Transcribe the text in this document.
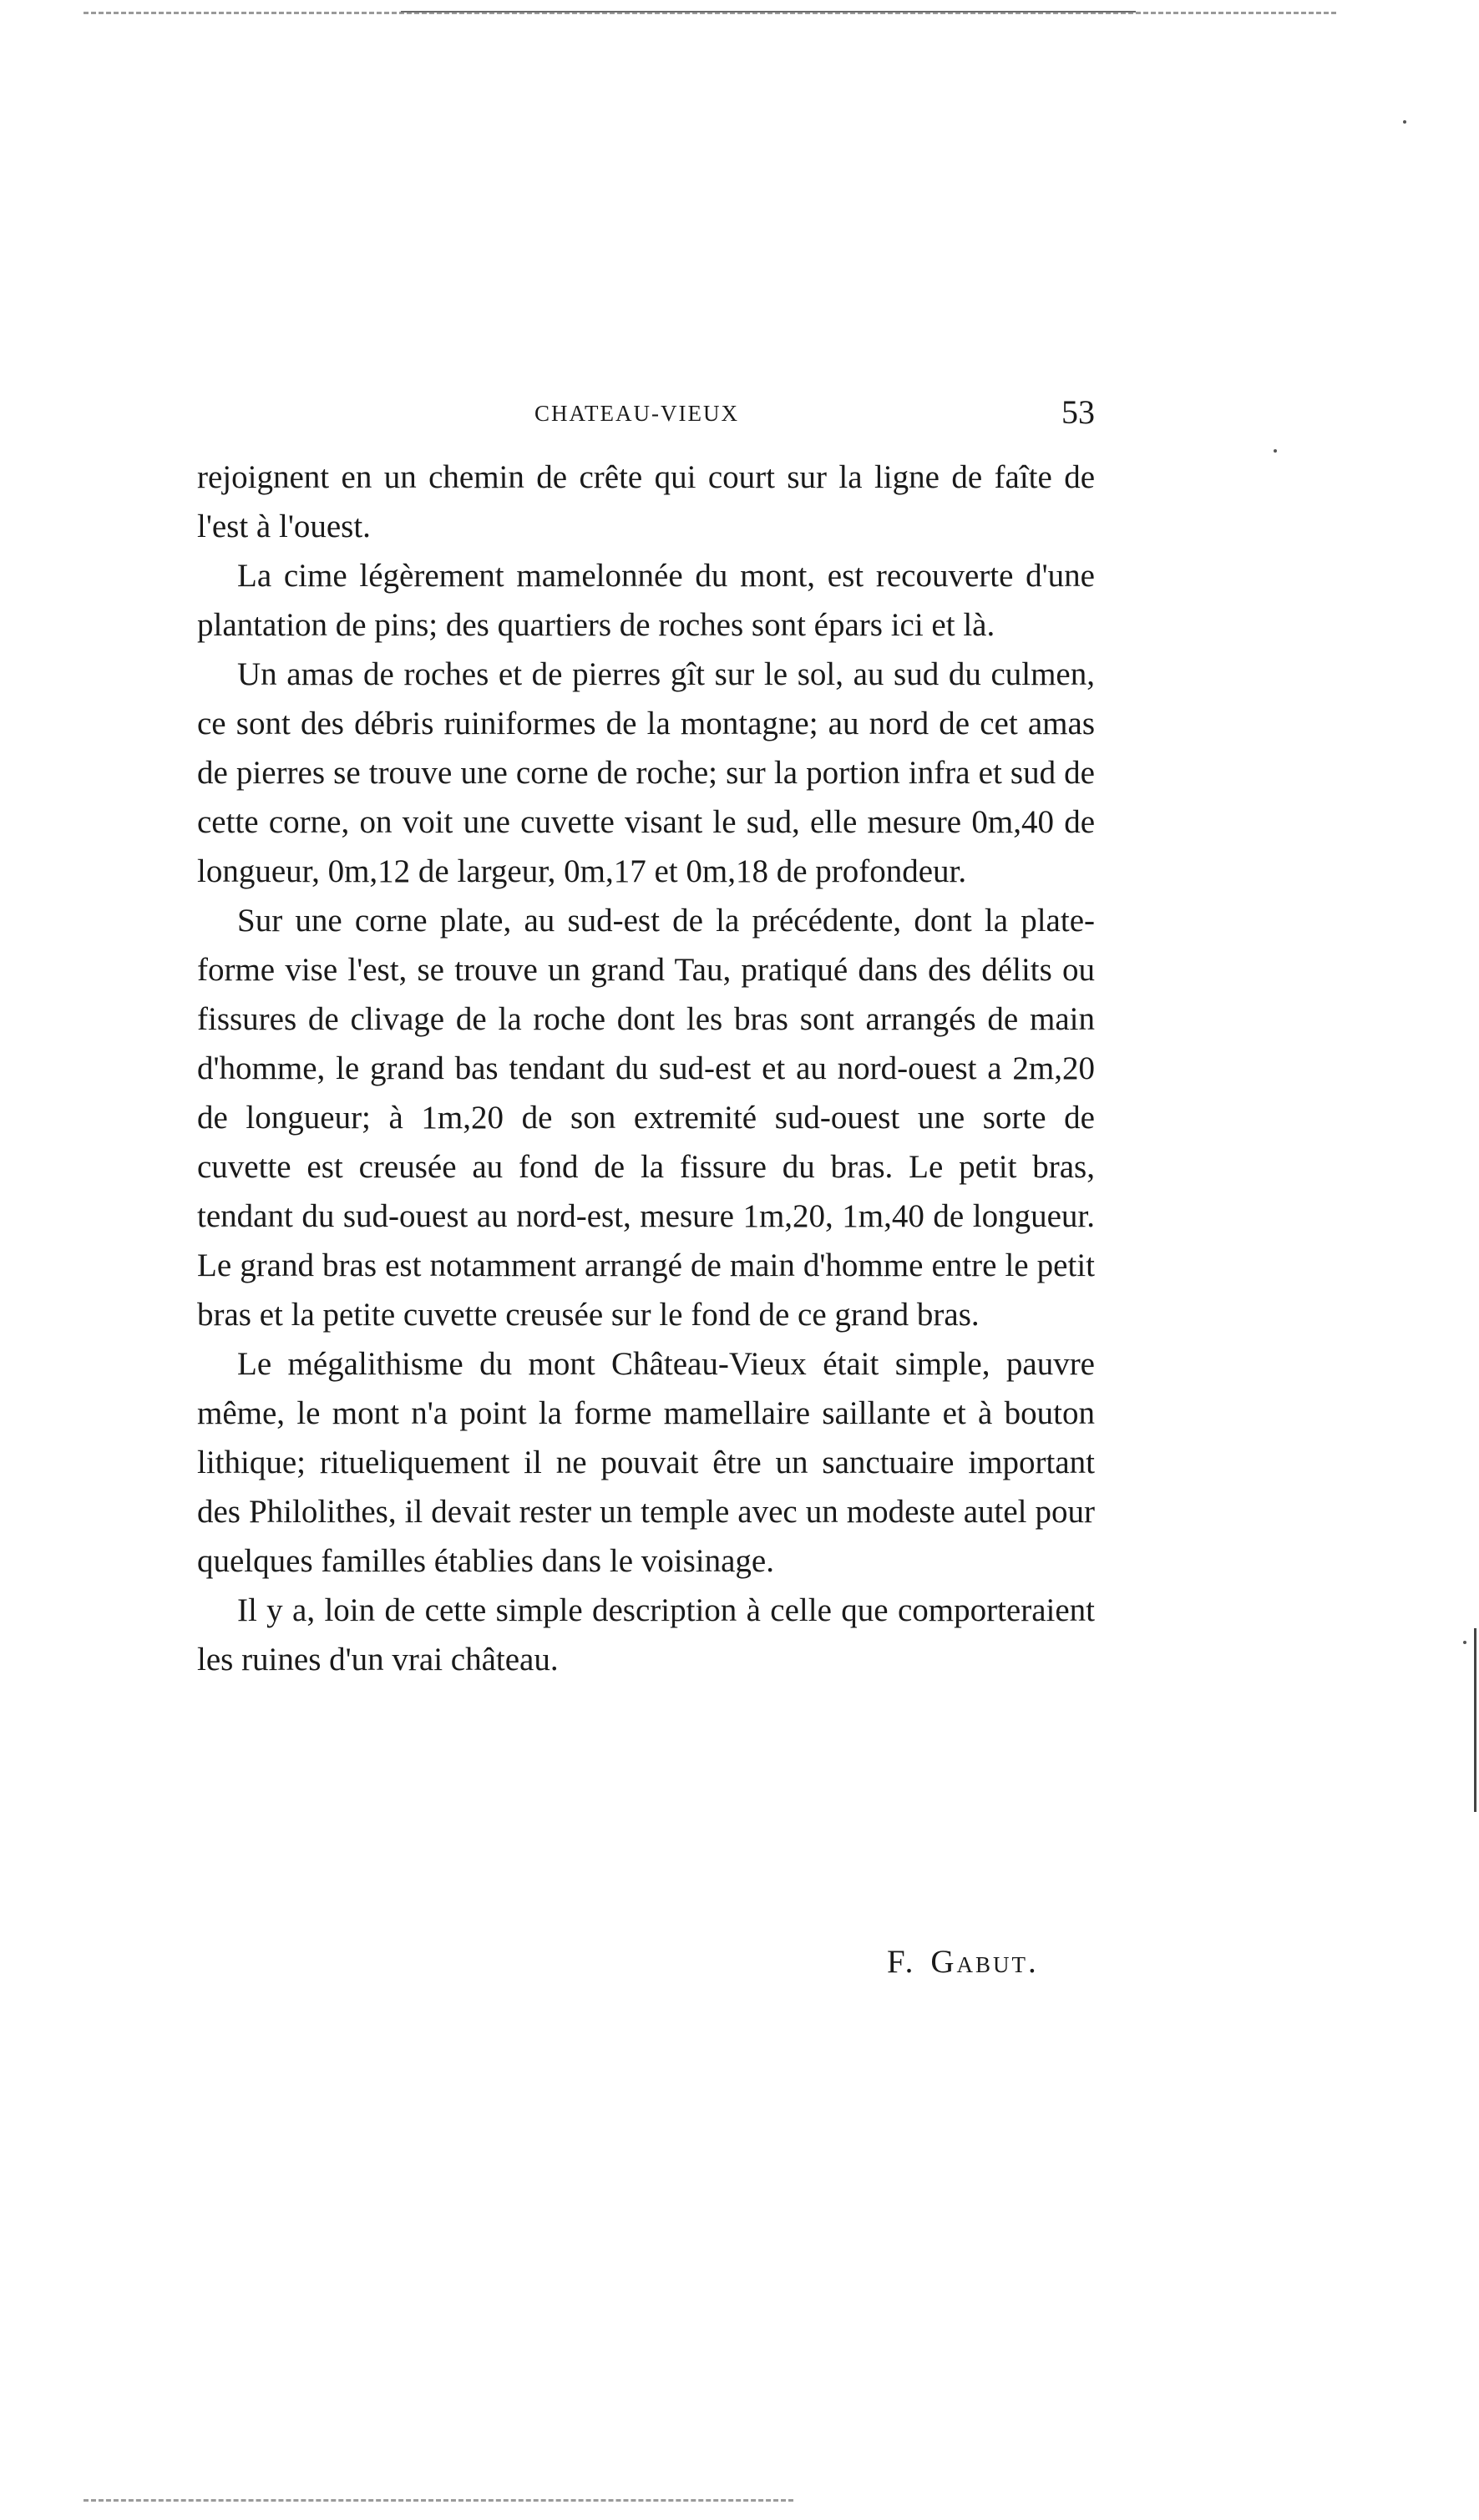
CHATEAU-VIEUX	53

rejoignent en un chemin de crête qui court sur la ligne de faîte de l'est à l'ouest.

La cime légèrement mamelonnée du mont, est recouverte d'une plantation de pins; des quartiers de roches sont épars ici et là.

Un amas de roches et de pierres gît sur le sol, au sud du culmen, ce sont des débris ruiniformes de la montagne; au nord de cet amas de pierres se trouve une corne de roche; sur la portion infra et sud de cette corne, on voit une cuvette visant le sud, elle mesure 0m,40 de longueur, 0m,12 de largeur, 0m,17 et 0m,18 de profondeur.

Sur une corne plate, au sud-est de la précédente, dont la plate-forme vise l'est, se trouve un grand Tau, pratiqué dans des délits ou fissures de clivage de la roche dont les bras sont arrangés de main d'homme, le grand bas tendant du sud-est et au nord-ouest a 2m,20 de longueur; à 1m,20 de son extremité sud-ouest une sorte de cuvette est creusée au fond de la fissure du bras. Le petit bras, tendant du sud-ouest au nord-est, mesure 1m,20, 1m,40 de longueur. Le grand bras est notamment arrangé de main d'homme entre le petit bras et la petite cuvette creusée sur le fond de ce grand bras.

Le mégalithisme du mont Château-Vieux était simple, pauvre même, le mont n'a point la forme mamellaire saillante et à bouton lithique; ritueliquement il ne pouvait être un sanctuaire important des Philolithes, il devait rester un temple avec un modeste autel pour quelques familles établies dans le voisinage.

Il y a, loin de cette simple description à celle que comporteraient les ruines d'un vrai château.

F. Gabut.
